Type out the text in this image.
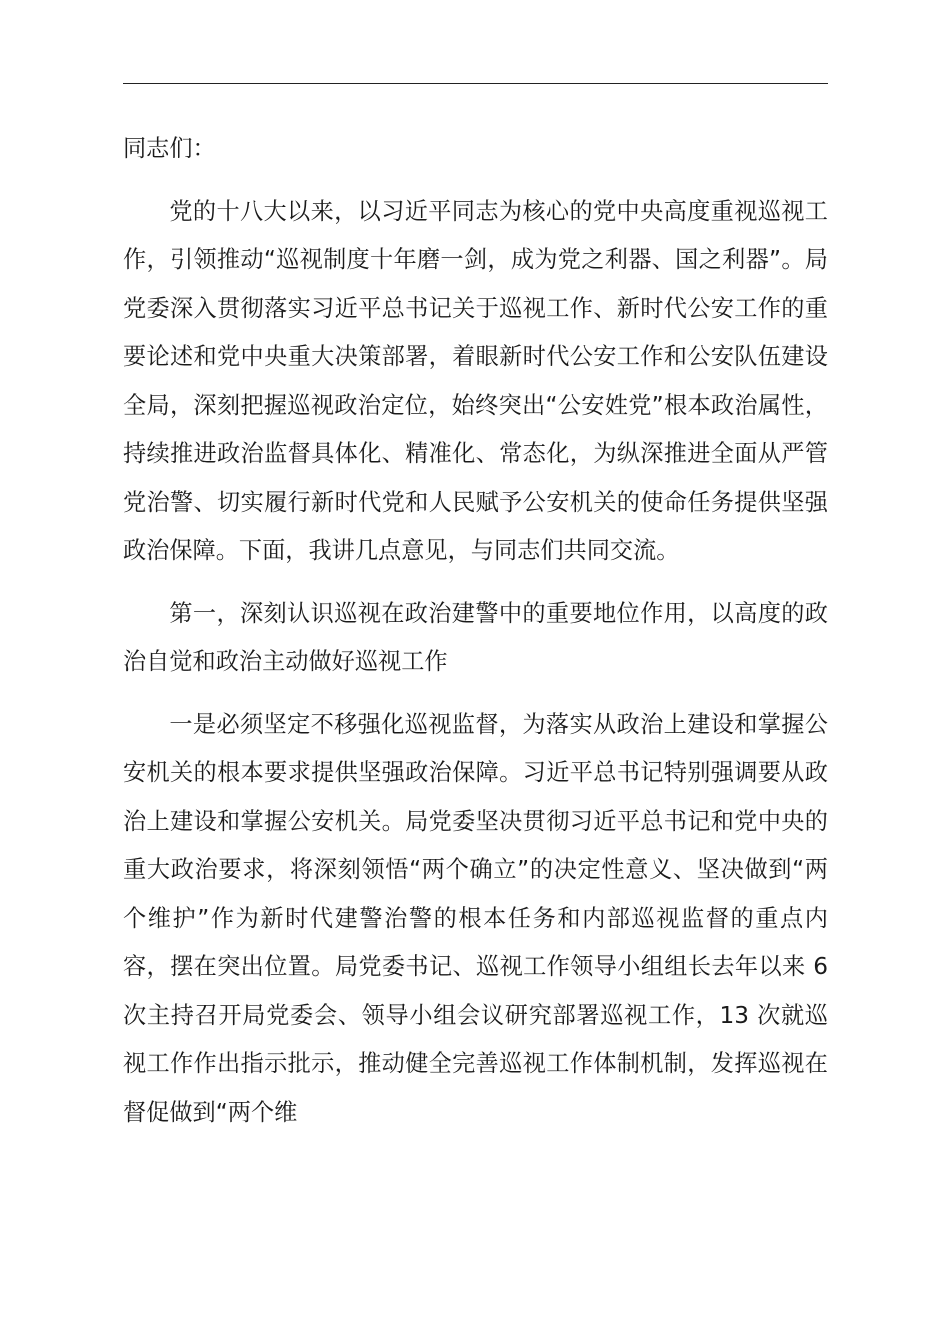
同志们：

党的十八大以来，以习近平同志为核心的党中央高度重视巡视工作，引领推动“巡视制度十年磨一剑，成为党之利器、国之利器”。局党委深入贯彻落实习近平总书记关于巡视工作、新时代公安工作的重要论述和党中央重大决策部署，着眼新时代公安工作和公安队伍建设全局，深刻把握巡视政治定位，始终突出“公安姓党”根本政治属性，持续推进政治监督具体化、精准化、常态化，为纵深推进全面从严管党治警、切实履行新时代党和人民赋予公安机关的使命任务提供坚强政治保障。下面，我讲几点意见，与同志们共同交流。

第一，深刻认识巡视在政治建警中的重要地位作用，以高度的政治自觉和政治主动做好巡视工作

一是必须坚定不移强化巡视监督，为落实从政治上建设和掌握公安机关的根本要求提供坚强政治保障。习近平总书记特别强调要从政治上建设和掌握公安机关。局党委坚决贯彻习近平总书记和党中央的重大政治要求，将深刻领悟“两个确立”的决定性意义、坚决做到“两个维护”作为新时代建警治警的根本任务和内部巡视监督的重点内容，摆在突出位置。局党委书记、巡视工作领导小组组长去年以来 6 次主持召开局党委会、领导小组会议研究部署巡视工作，13 次就巡视工作作出指示批示，推动健全完善巡视工作体制机制，发挥巡视在督促做到“两个维
